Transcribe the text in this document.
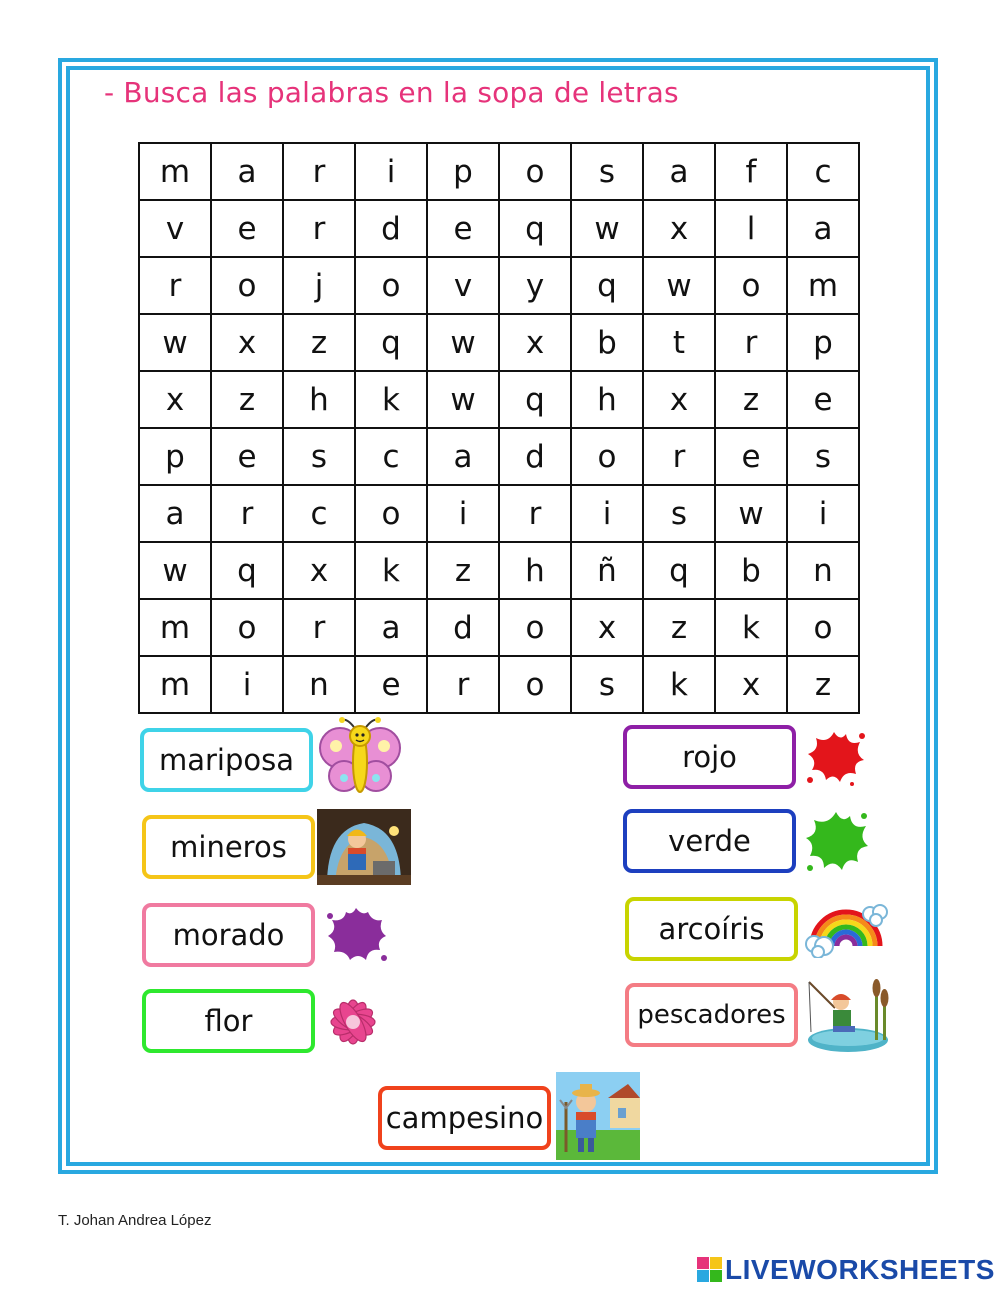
- Busca las palabras en la sopa de letras
m	a	r	i	p	o	s	a	f	c
v	e	r	d	e	q	w	x	l	a
r	o	j	o	v	y	q	w	o	m
w	x	z	q	w	x	b	t	r	p
x	z	h	k	w	q	h	x	z	e
p	e	s	c	a	d	o	r	e	s
a	r	c	o	i	r	i	s	w	i
w	q	x	k	z	h	ñ	q	b	n
m	o	r	a	d	o	x	z	k	o
m	i	n	e	r	o	s	k	x	z
mariposa
mineros
morado
flor
campesino
rojo
verde
arcoíris
pescadores
T. Johan Andrea López
LIVEWORKSHEETS
